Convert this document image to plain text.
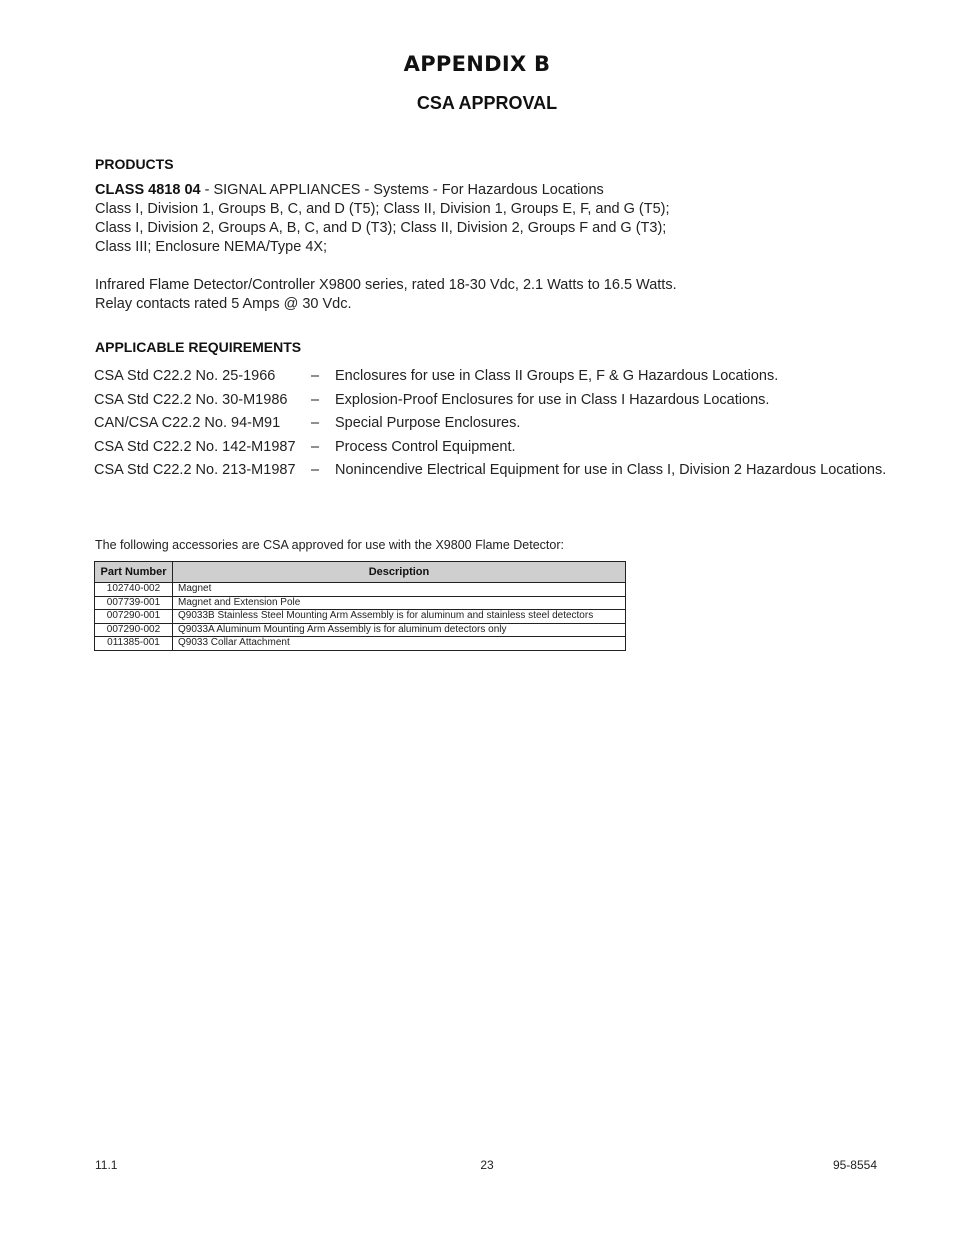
APPENDIX B
CSA APPROVAL
PRODUCTS
CLASS 4818 04 - SIGNAL APPLIANCES - Systems - For Hazardous Locations
Class I, Division 1, Groups B, C, and D (T5); Class II, Division 1, Groups E, F, and G (T5);
Class I, Division 2, Groups A, B, C, and D (T3); Class II, Division 2, Groups F and G (T3);
Class III; Enclosure NEMA/Type 4X;
Infrared Flame Detector/Controller X9800 series, rated 18-30 Vdc, 2.1 Watts to 16.5 Watts.
Relay contacts rated 5 Amps @ 30 Vdc.
APPLICABLE REQUIREMENTS
CSA Std C22.2 No. 25-1966	–	Enclosures for use in Class II Groups E, F & G Hazardous Locations.
CSA Std C22.2 No. 30-M1986	–	Explosion-Proof Enclosures for use in Class I Hazardous Locations.
CAN/CSA C22.2 No. 94-M91	–	Special Purpose Enclosures.
CSA Std C22.2 No. 142-M1987	–	Process Control Equipment.
CSA Std C22.2 No. 213-M1987	–	Nonincendive Electrical Equipment for use in Class I, Division 2 Hazardous Locations.
The following accessories are CSA approved for use with the X9800 Flame Detector:
Part Number	Description
102740-002	Magnet
007739-001	Magnet and Extension Pole
007290-001	Q9033B Stainless Steel Mounting Arm Assembly is for aluminum and stainless steel detectors
007290-002	Q9033A Aluminum Mounting Arm Assembly is for aluminum detectors only
011385-001	Q9033 Collar Attachment
11.1	23	95-8554
